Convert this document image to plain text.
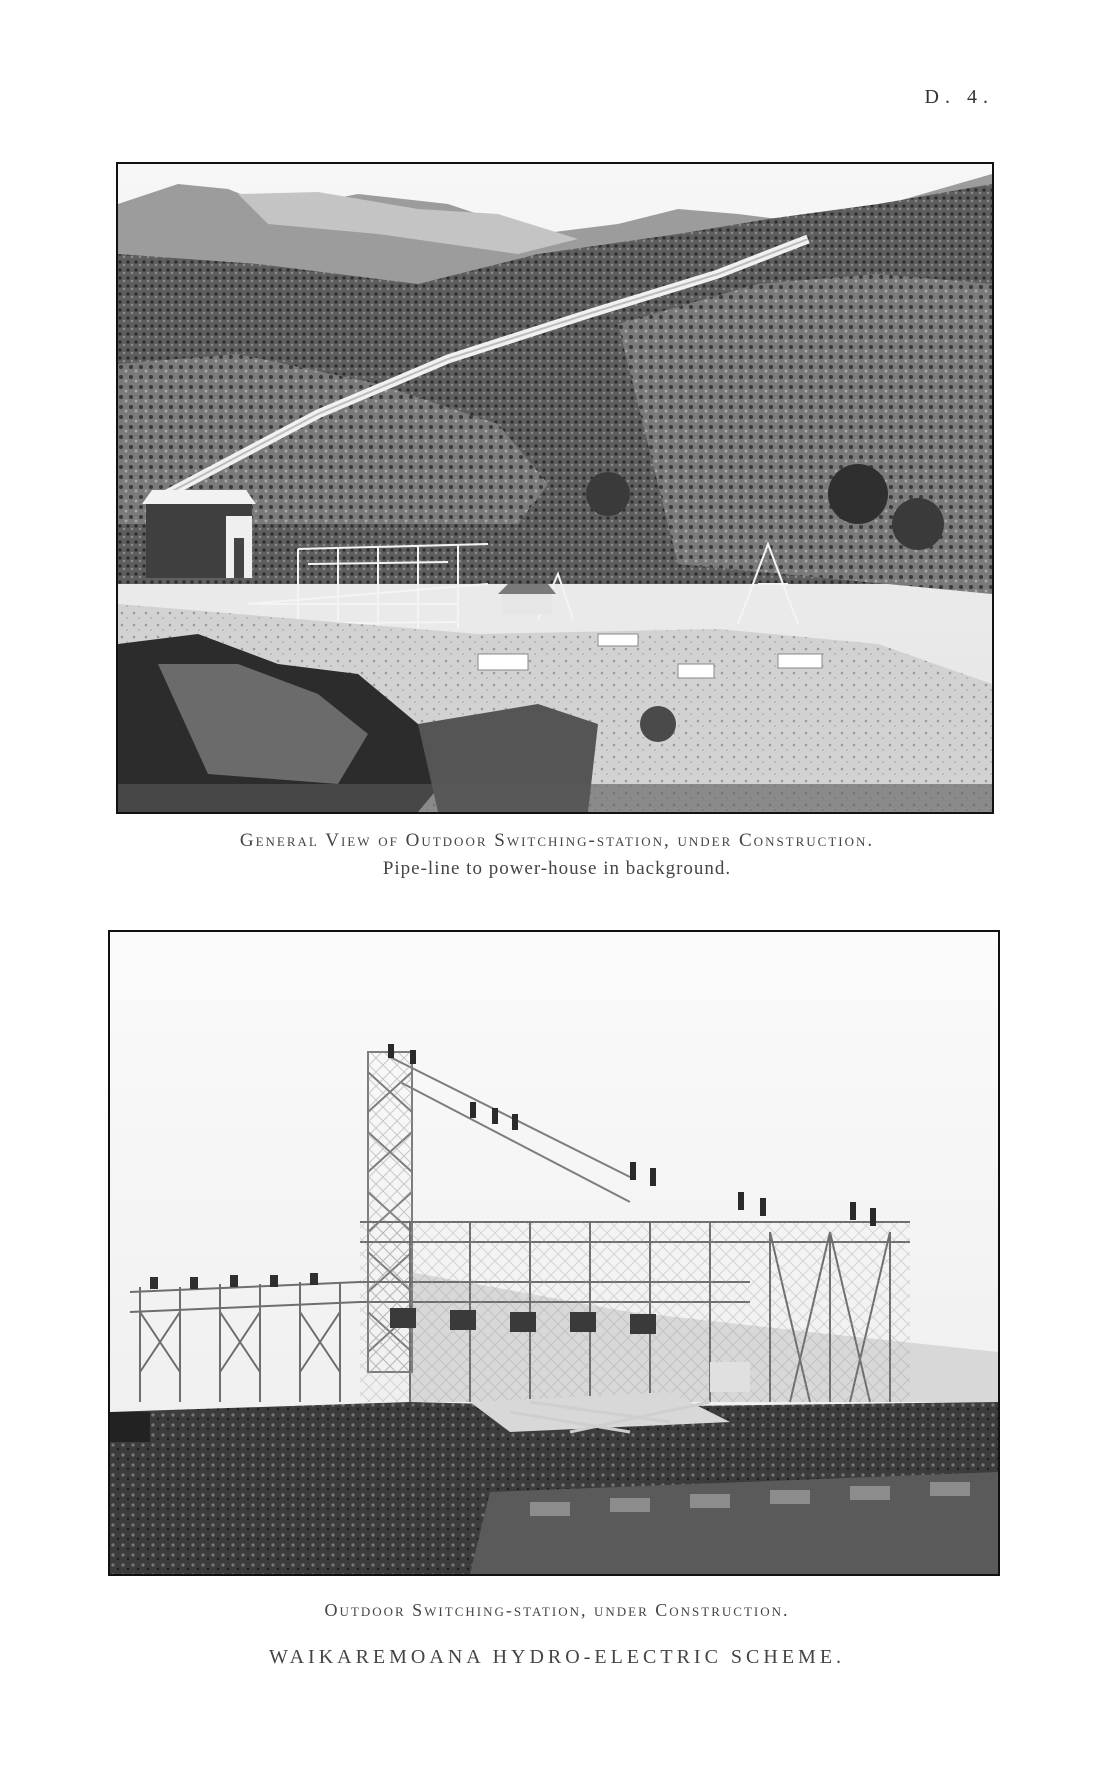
D. 4.
General View of Outdoor Switching-station, under Construction.
Pipe-line to power-house in background.
Outdoor Switching-station, under Construction.
WAIKAREMOANA HYDRO-ELECTRIC SCHEME.
